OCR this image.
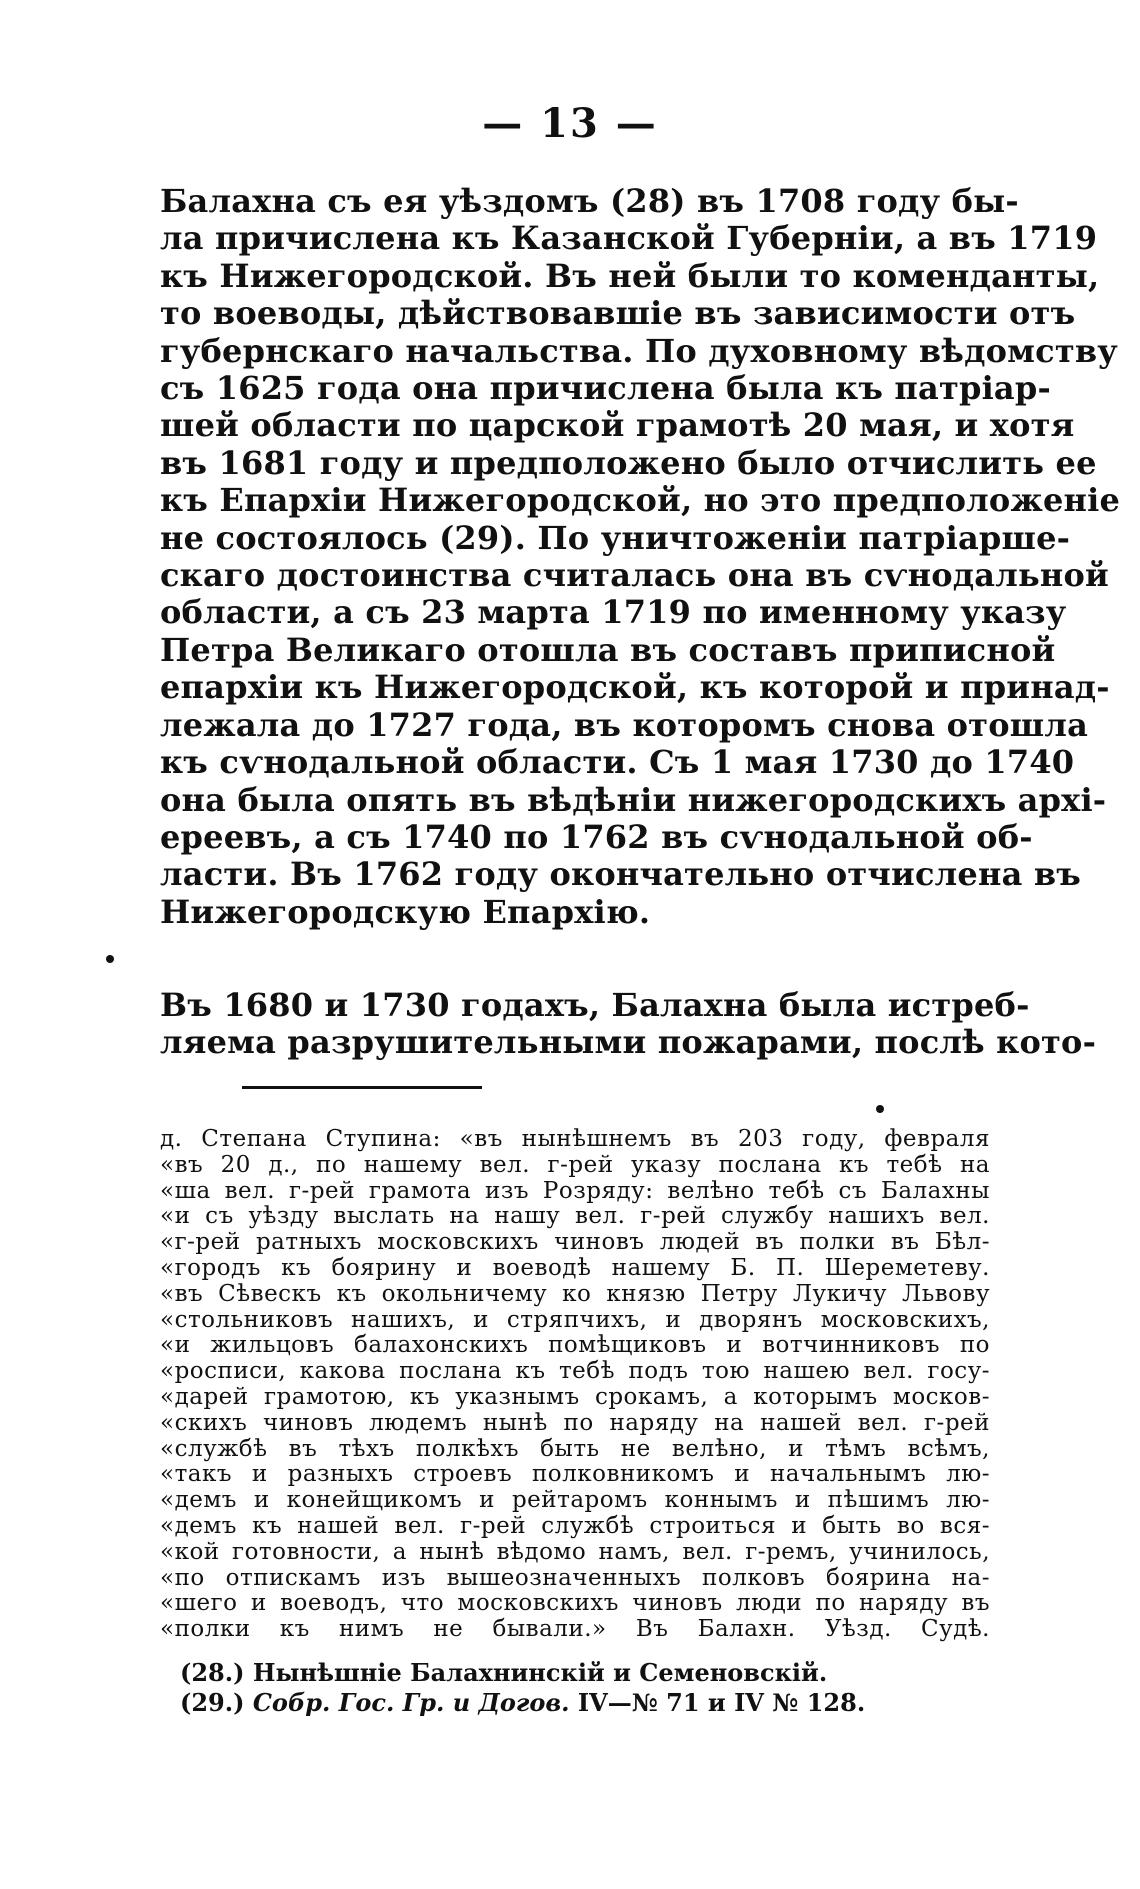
— 13 —
Балахна съ ея уѣздомъ (28) въ 1708 году бы-
ла причислена къ Казанской Губерніи, а въ 1719
къ Нижегородской. Въ ней были то коменданты,
то воеводы, дѣйствовавшіе въ зависимости отъ
губернскаго начальства. По духовному вѣдомству
съ 1625 года она причислена была къ патріар-
шей области по царской грамотѣ 20 мая, и хотя
въ 1681 году и предположено было отчислить ее
къ Епархіи Нижегородской, но это предположеніе
не состоялось (29). По уничтоженіи патріарше-
скаго достоинства считалась она въ сѵнодальной
области, а съ 23 марта 1719 по именному указу
Петра Великаго отошла въ составъ приписной
епархіи къ Нижегородской, къ которой и принад-
лежала до 1727 года, въ которомъ снова отошла
къ сѵнодальной области. Съ 1 мая 1730 до 1740
она была опять въ вѣдѣніи нижегородскихъ архі-
ереевъ, а съ 1740 по 1762 въ сѵнодальной об-
ласти. Въ 1762 году окончательно отчислена въ
Нижегородскую Епархію.
Въ 1680 и 1730 годахъ, Балахна была истреб-
ляема разрушительными пожарами, послѣ кото-
д. Степана Ступина: «въ нынѣшнемъ въ 203 году, февраля
«въ 20 д., по нашему вел. г-рей указу послана къ тебѣ на
«ша вел. г-рей грамота изъ Розряду: велѣно тебѣ съ Балахны
«и съ уѣзду выслать на нашу вел. г-рей службу нашихъ вел.
«г-рей ратныхъ московскихъ чиновъ людей въ полки въ Бѣл-
«городъ къ боярину и воеводѣ нашему Б. П. Шереметеву.
«въ Сѣвескъ къ окольничему ко князю Петру Лукичу Львову
«стольниковъ нашихъ, и стряпчихъ, и дворянъ московскихъ,
«и жильцовъ балахонскихъ помѣщиковъ и вотчинниковъ по
«росписи, какова послана къ тебѣ подъ тою нашею вел. госу-
«дарей грамотою, къ указнымъ срокамъ, а которымъ москов-
«скихъ чиновъ людемъ нынѣ по наряду на нашей вел. г-рей
«службѣ въ тѣхъ полкѣхъ быть не велѣно, и тѣмъ всѣмъ,
«такъ и разныхъ строевъ полковникомъ и начальнымъ лю-
«демъ и конейщикомъ и рейтаромъ коннымъ и пѣшимъ лю-
«демъ къ нашей вел. г-рей службѣ строиться и быть во вся-
«кой готовности, а нынѣ вѣдомо намъ, вел. г-ремъ, учинилось,
«по отпискамъ изъ вышеозначенныхъ полковъ боярина на-
«шего и воеводъ, что московскихъ чиновъ люди по наряду въ
«полки къ нимъ не бывали.» Въ Балахн. Уѣзд. Судѣ.
(28.) Нынѣшніе Балахнинскій и Семеновскій.
(29.) Собр. Гос. Гр. и Догов. IV—№ 71 и IV № 128.
